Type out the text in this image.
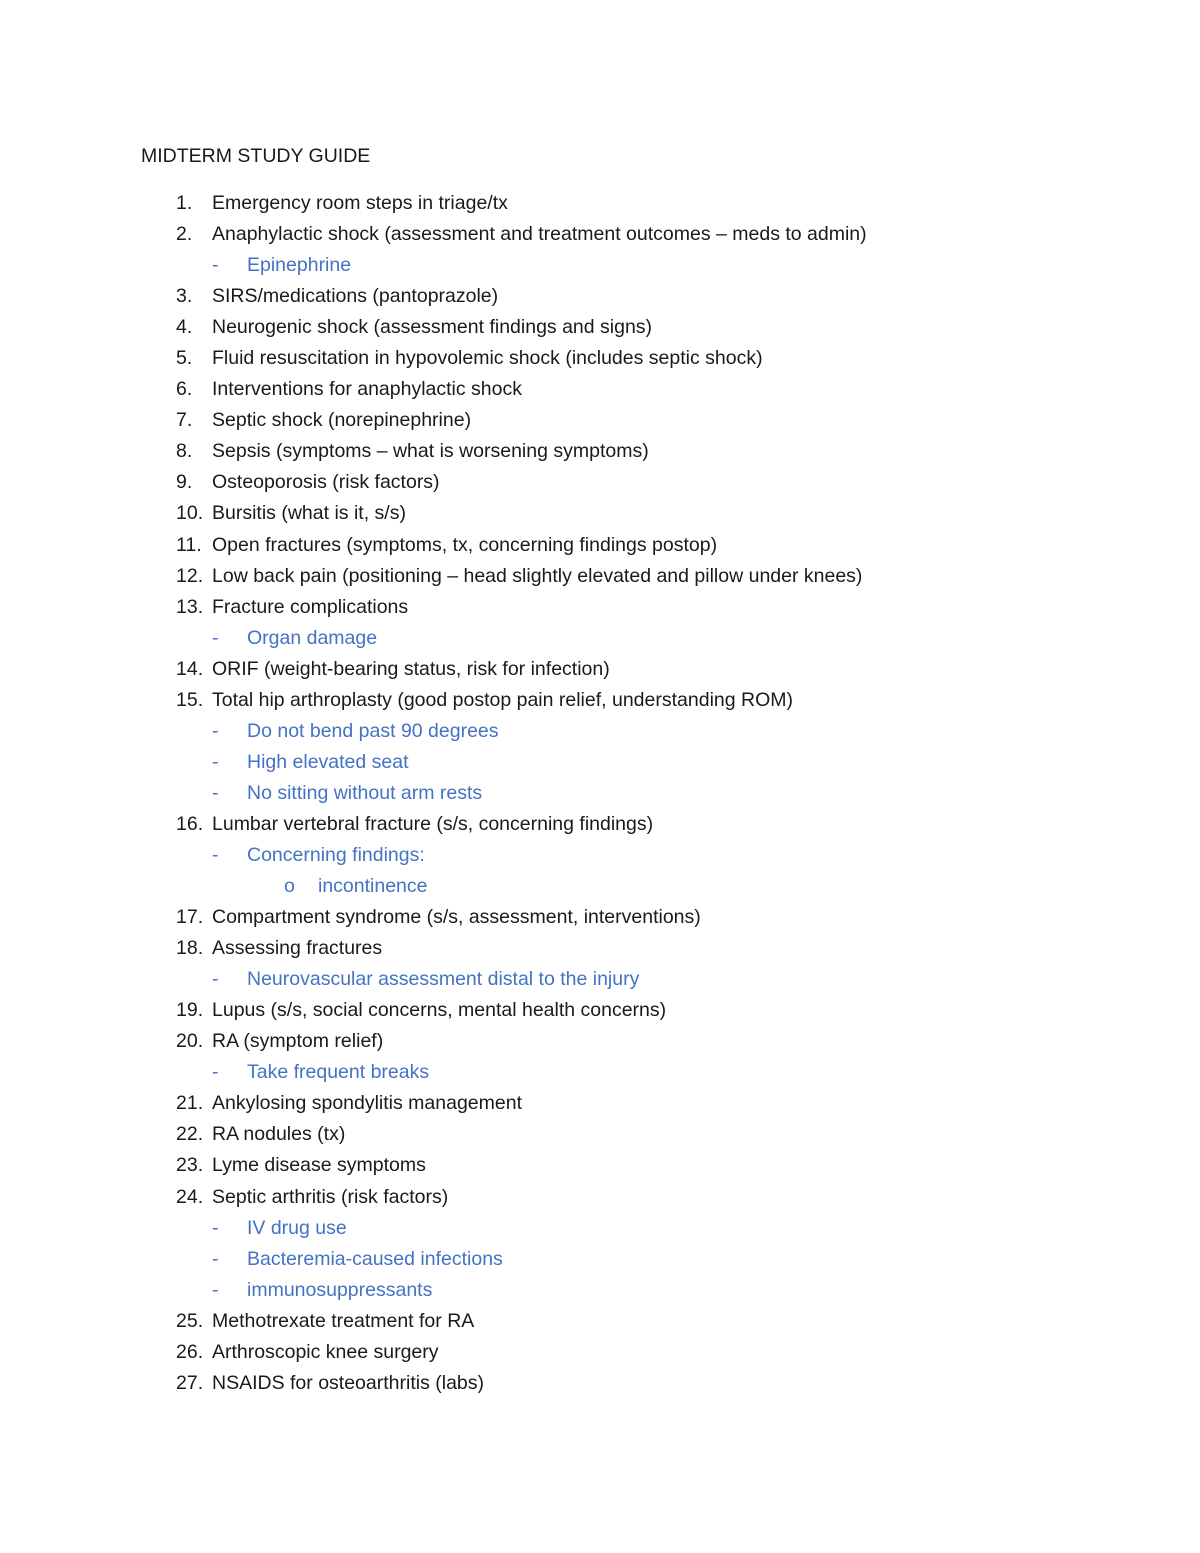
MIDTERM STUDY GUIDE
1. Emergency room steps in triage/tx
2. Anaphylactic shock (assessment and treatment outcomes – meds to admin)
- Epinephrine
3. SIRS/medications (pantoprazole)
4. Neurogenic shock (assessment findings and signs)
5. Fluid resuscitation in hypovolemic shock (includes septic shock)
6. Interventions for anaphylactic shock
7. Septic shock (norepinephrine)
8. Sepsis (symptoms – what is worsening symptoms)
9. Osteoporosis (risk factors)
10. Bursitis (what is it, s/s)
11. Open fractures (symptoms, tx, concerning findings postop)
12. Low back pain (positioning – head slightly elevated and pillow under knees)
13. Fracture complications
- Organ damage
14. ORIF (weight-bearing status, risk for infection)
15. Total hip arthroplasty (good postop pain relief, understanding ROM)
- Do not bend past 90 degrees
- High elevated seat
- No sitting without arm rests
16. Lumbar vertebral fracture (s/s, concerning findings)
- Concerning findings:
o incontinence
17. Compartment syndrome (s/s, assessment, interventions)
18. Assessing fractures
- Neurovascular assessment distal to the injury
19. Lupus (s/s, social concerns, mental health concerns)
20. RA (symptom relief)
- Take frequent breaks
21. Ankylosing spondylitis management
22. RA nodules (tx)
23. Lyme disease symptoms
24. Septic arthritis (risk factors)
- IV drug use
- Bacteremia-caused infections
- immunosuppressants
25. Methotrexate treatment for RA
26. Arthroscopic knee surgery
27. NSAIDS for osteoarthritis (labs)
